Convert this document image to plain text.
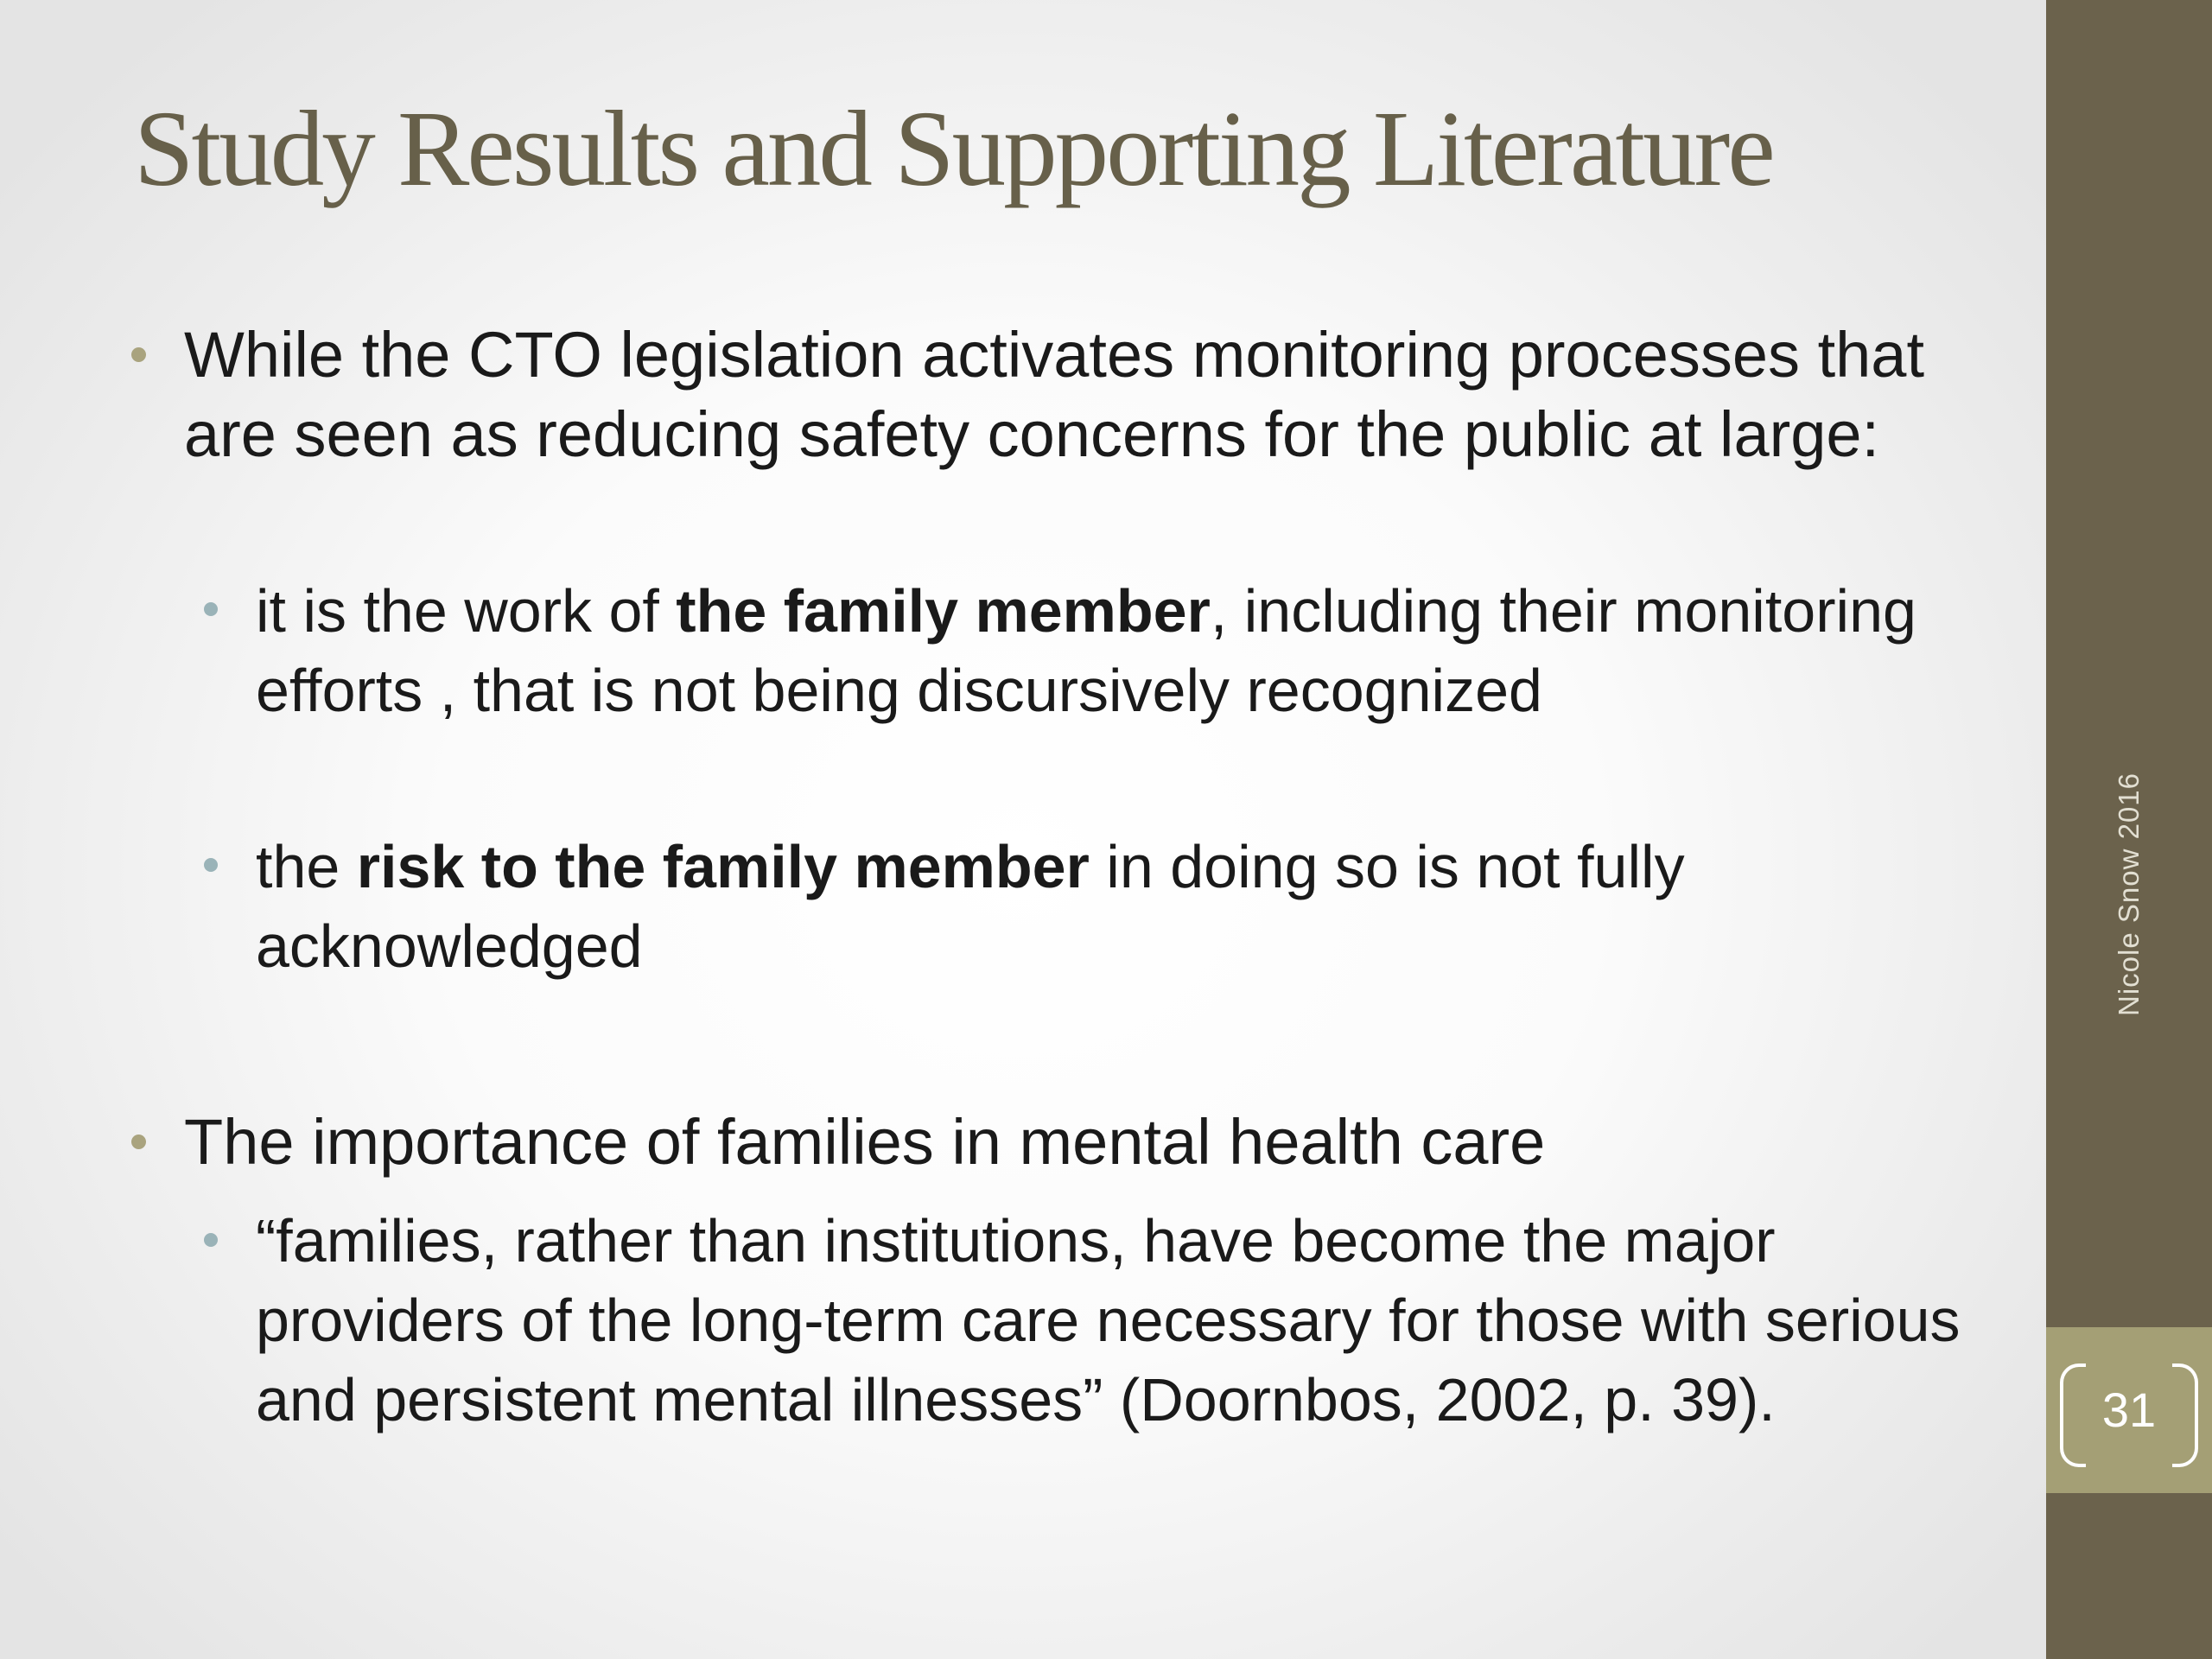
Study Results and Supporting Literature

While the CTO legislation activates monitoring processes that are seen as reducing safety concerns for the public at large:

it is the work of the family member, including their monitoring efforts , that is not being discursively recognized

the risk to the family member in doing so is not fully acknowledged

The importance of families in mental health care

“families, rather than institutions, have become the major providers of the long-term care necessary for those with serious and persistent mental illnesses” (Doornbos, 2002, p. 39).

Nicole Snow 2016
31
